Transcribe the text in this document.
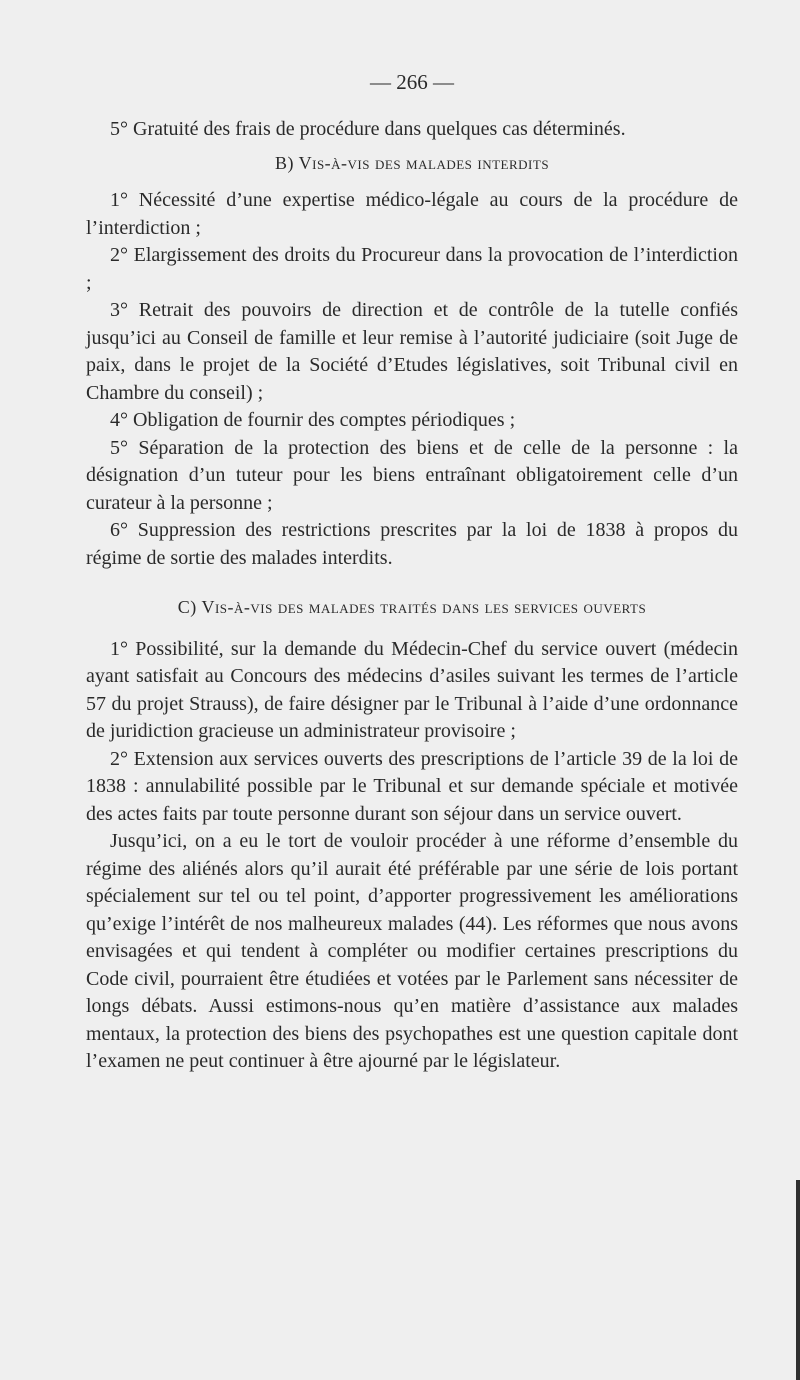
— 266 —

5° Gratuité des frais de procédure dans quelques cas déterminés.

B) Vis-à-vis des malades interdits

1° Nécessité d’une expertise médico-légale au cours de la procédure de l’interdiction ;

2° Elargissement des droits du Procureur dans la provocation de l’interdiction ;

3° Retrait des pouvoirs de direction et de contrôle de la tutelle confiés jusqu’ici au Conseil de famille et leur remise à l’autorité judiciaire (soit Juge de paix, dans le projet de la Société d’Etudes législatives, soit Tribunal civil en Chambre du conseil) ;

4° Obligation de fournir des comptes périodiques ;

5° Séparation de la protection des biens et de celle de la personne : la désignation d’un tuteur pour les biens entraînant obligatoirement celle d’un curateur à la personne ;

6° Suppression des restrictions prescrites par la loi de 1838 à propos du régime de sortie des malades interdits.

C) Vis-à-vis des malades traités dans les services ouverts

1° Possibilité, sur la demande du Médecin-Chef du service ouvert (médecin ayant satisfait au Concours des médecins d’asiles suivant les termes de l’article 57 du projet Strauss), de faire désigner par le Tribunal à l’aide d’une ordonnance de juridiction gracieuse un administrateur provisoire ;

2° Extension aux services ouverts des prescriptions de l’article 39 de la loi de 1838 : annulabilité possible par le Tribunal et sur demande spéciale et motivée des actes faits par toute personne durant son séjour dans un service ouvert.

Jusqu’ici, on a eu le tort de vouloir procéder à une réforme d’ensemble du régime des aliénés alors qu’il aurait été préférable par une série de lois portant spécialement sur tel ou tel point, d’apporter progressivement les améliorations qu’exige l’intérêt de nos malheureux malades (44). Les réformes que nous avons envisagées et qui tendent à compléter ou modifier certaines prescriptions du Code civil, pourraient être étudiées et votées par le Parlement sans nécessiter de longs débats. Aussi estimons-nous qu’en matière d’assistance aux malades mentaux, la protection des biens des psychopathes est une question capitale dont l’examen ne peut continuer à être ajourné par le législateur.
